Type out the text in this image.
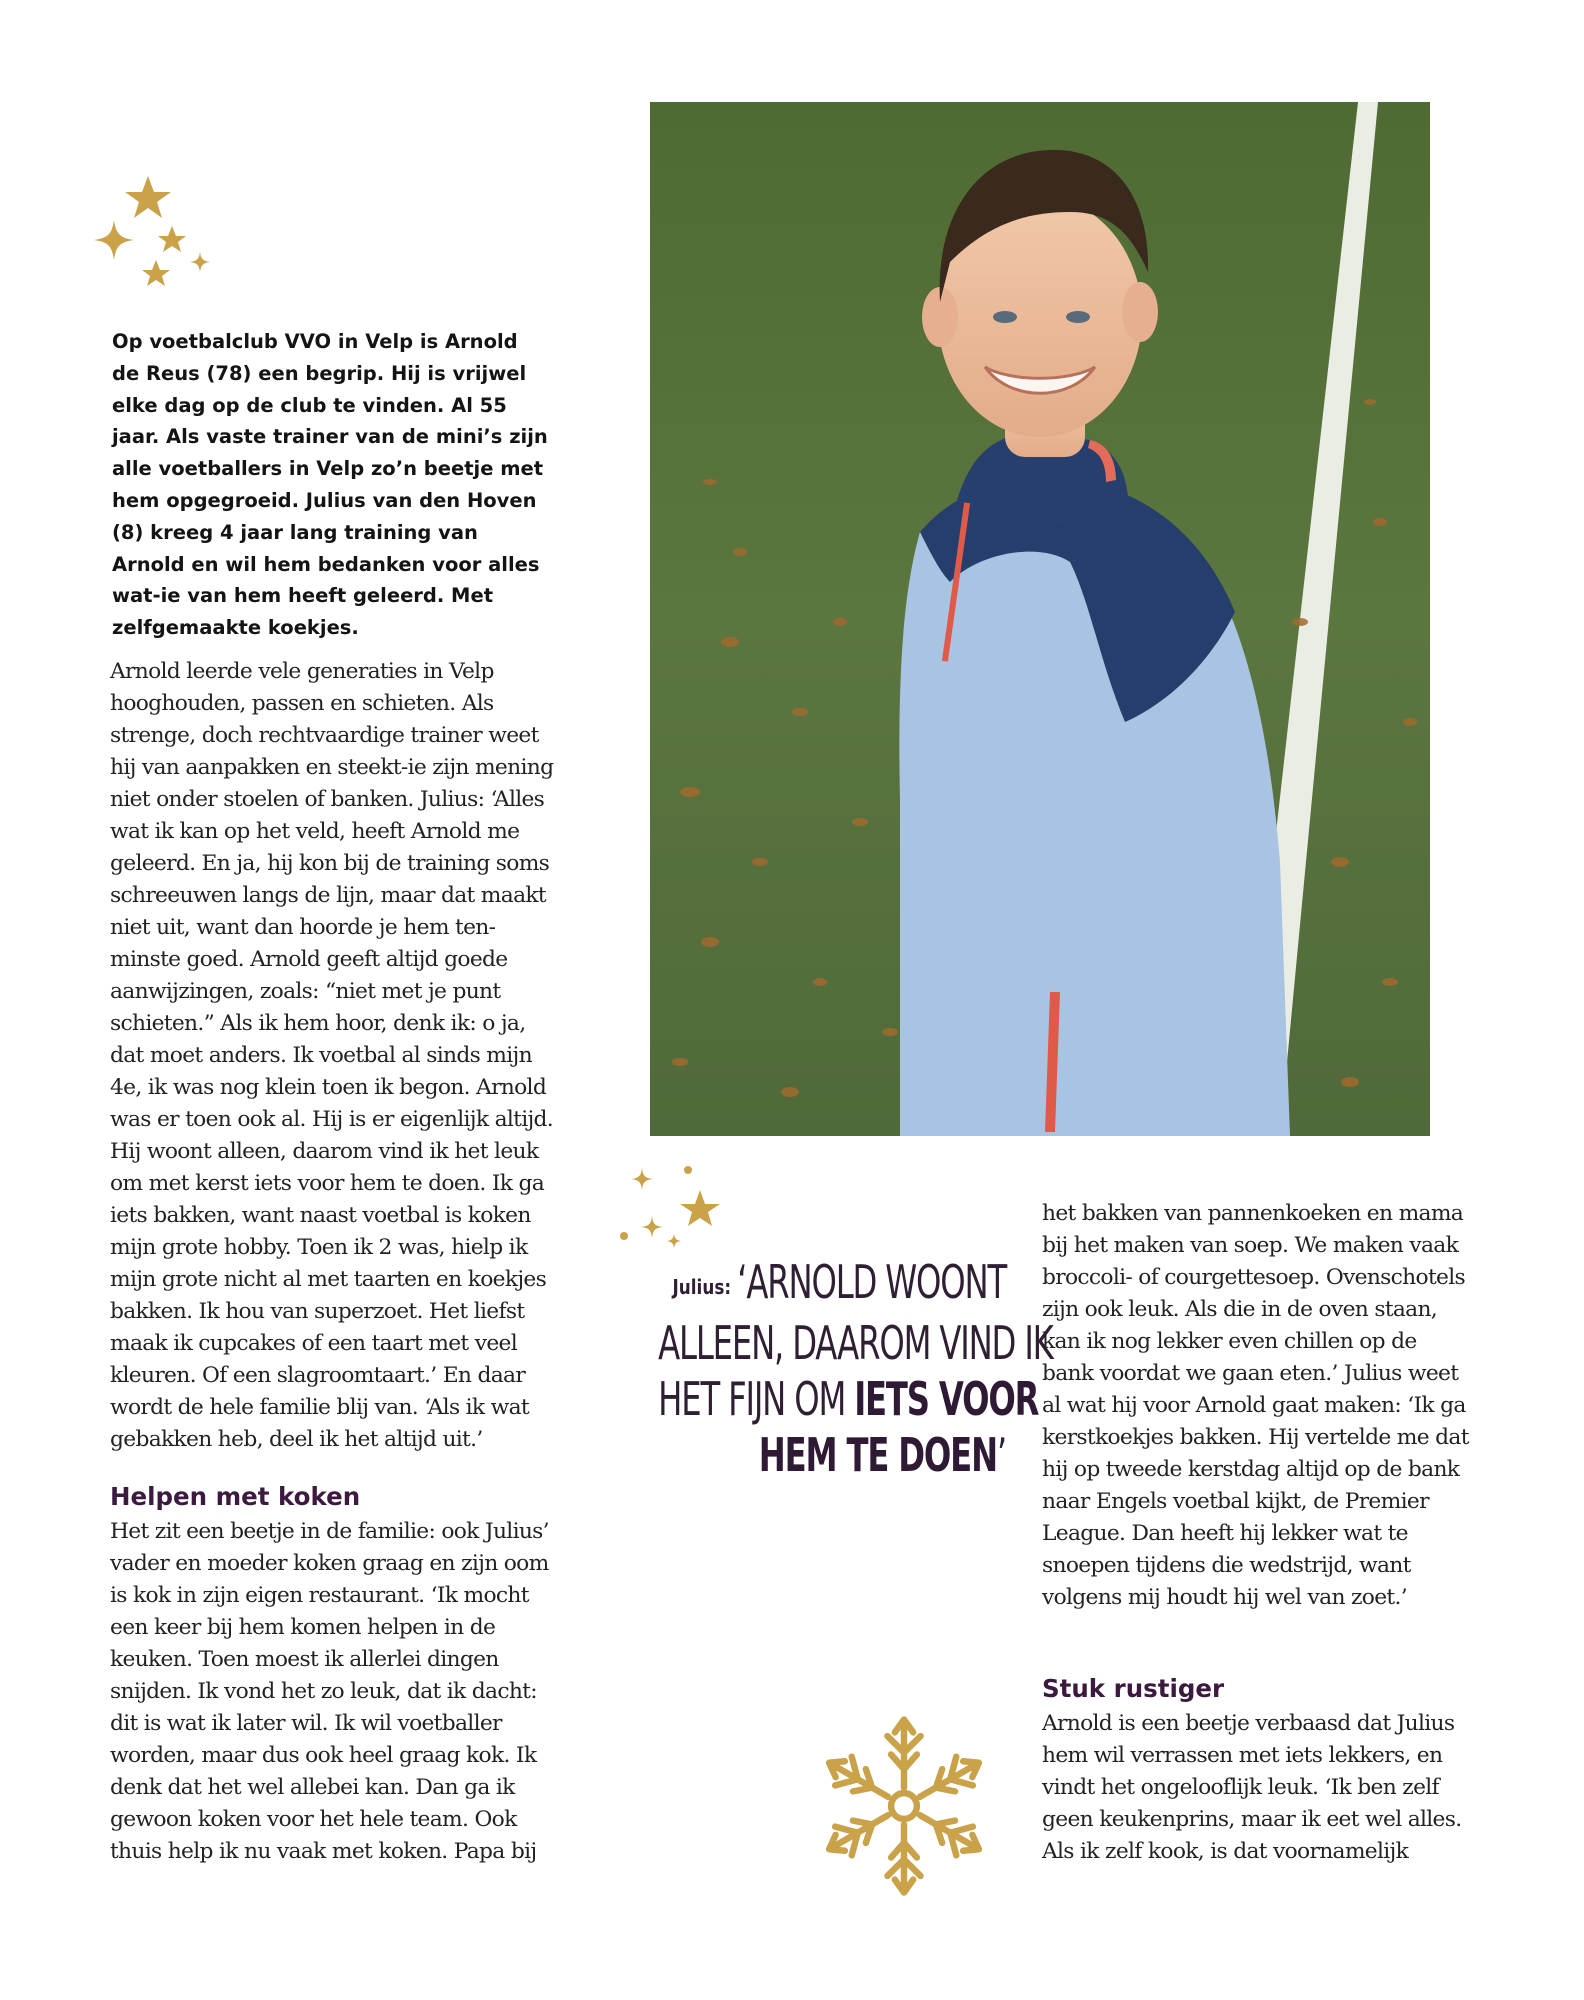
Op voetbalclub VVO in Velp is Arnold de Reus (78) een begrip. Hij is vrijwel elke dag op de club te vinden. Al 55 jaar. Als vaste trainer van de mini’s zijn alle voetballers in Velp zo’n beetje met hem opgegroeid. Julius van den Hoven (8) kreeg 4 jaar lang training van Arnold en wil hem bedanken voor alles wat-ie van hem heeft geleerd. Met zelfgemaakte koekjes.

Arnold leerde vele generaties in Velp hooghouden, passen en schieten. Als strenge, doch rechtvaardige trainer weet hij van aanpakken en steekt-ie zijn mening niet onder stoelen of banken. Julius: ‘Alles wat ik kan op het veld, heeft Arnold me geleerd. En ja, hij kon bij de training soms schreeuwen langs de lijn, maar dat maakt niet uit, want dan hoorde je hem ten-minste goed. Arnold geeft altijd goede aanwijzingen, zoals: “niet met je punt schieten.” Als ik hem hoor, denk ik: o ja, dat moet anders. Ik voetbal al sinds mijn 4e, ik was nog klein toen ik begon. Arnold was er toen ook al. Hij is er eigenlijk altijd. Hij woont alleen, daarom vind ik het leuk om met kerst iets voor hem te doen. Ik ga iets bakken, want naast voetbal is koken mijn grote hobby. Toen ik 2 was, hielp ik mijn grote nicht al met taarten en koekjes bakken. Ik hou van superzoet. Het liefst maak ik cupcakes of een taart met veel kleuren. Of een slagroomtaart.’ En daar wordt de hele familie blij van. ‘Als ik wat gebakken heb, deel ik het altijd uit.’

Helpen met koken

Het zit een beetje in de familie: ook Julius’ vader en moeder koken graag en zijn oom is kok in zijn eigen restaurant. ‘Ik mocht een keer bij hem komen helpen in de keuken. Toen moest ik allerlei dingen snijden. Ik vond het zo leuk, dat ik dacht: dit is wat ik later wil. Ik wil voetballer worden, maar dus ook heel graag kok. Ik denk dat het wel allebei kan. Dan ga ik gewoon koken voor het hele team. Ook thuis help ik nu vaak met koken. Papa bij

Julius: ‘ARNOLD WOONT
ALLEEN, DAAROM VIND IK
HET FIJN OM IETS VOOR
HEM TE DOEN’

het bakken van pannenkoeken en mama bij het maken van soep. We maken vaak broccoli- of courgettesoep. Ovenschotels zijn ook leuk. Als die in de oven staan, kan ik nog lekker even chillen op de bank voordat we gaan eten.’ Julius weet al wat hij voor Arnold gaat maken: ‘Ik ga kerstkoekjes bakken. Hij vertelde me dat hij op tweede kerstdag altijd op de bank naar Engels voetbal kijkt, de Premier League. Dan heeft hij lekker wat te snoepen tijdens die wedstrijd, want volgens mij houdt hij wel van zoet.’

Stuk rustiger

Arnold is een beetje verbaasd dat Julius hem wil verrassen met iets lekkers, en vindt het ongelooflijk leuk. ‘Ik ben zelf geen keukenprins, maar ik eet wel alles. Als ik zelf kook, is dat voornamelijk
